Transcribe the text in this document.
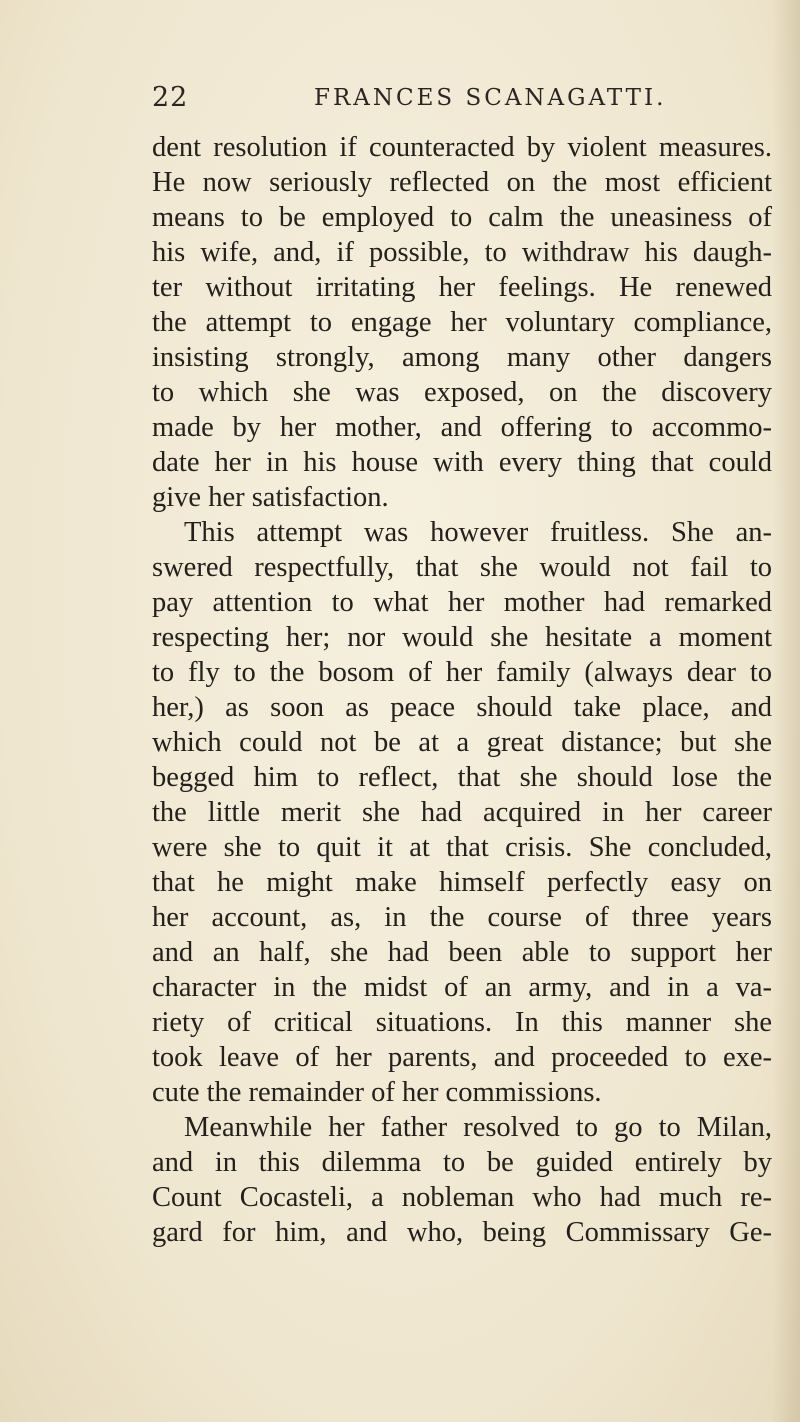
22	FRANCES SCANAGATTI.
dent resolution if counteracted by violent measures.
He now seriously reflected on the most efficient
means to be employed to calm the uneasiness of
his wife, and, if possible, to withdraw his daugh-
ter without irritating her feelings. He renewed
the attempt to engage her voluntary compliance,
insisting strongly, among many other dangers
to which she was exposed, on the discovery
made by her mother, and offering to accommo-
date her in his house with every thing that could
give her satisfaction.
This attempt was however fruitless. She an-
swered respectfully, that she would not fail to
pay attention to what her mother had remarked
respecting her; nor would she hesitate a moment
to fly to the bosom of her family (always dear to
her,) as soon as peace should take place, and
which could not be at a great distance; but she
begged him to reflect, that she should lose the
the little merit she had acquired in her career
were she to quit it at that crisis. She concluded,
that he might make himself perfectly easy on
her account, as, in the course of three years
and an half, she had been able to support her
character in the midst of an army, and in a va-
riety of critical situations. In this manner she
took leave of her parents, and proceeded to exe-
cute the remainder of her commissions.
Meanwhile her father resolved to go to Milan,
and in this dilemma to be guided entirely by
Count Cocasteli, a nobleman who had much re-
gard for him, and who, being Commissary Ge-
